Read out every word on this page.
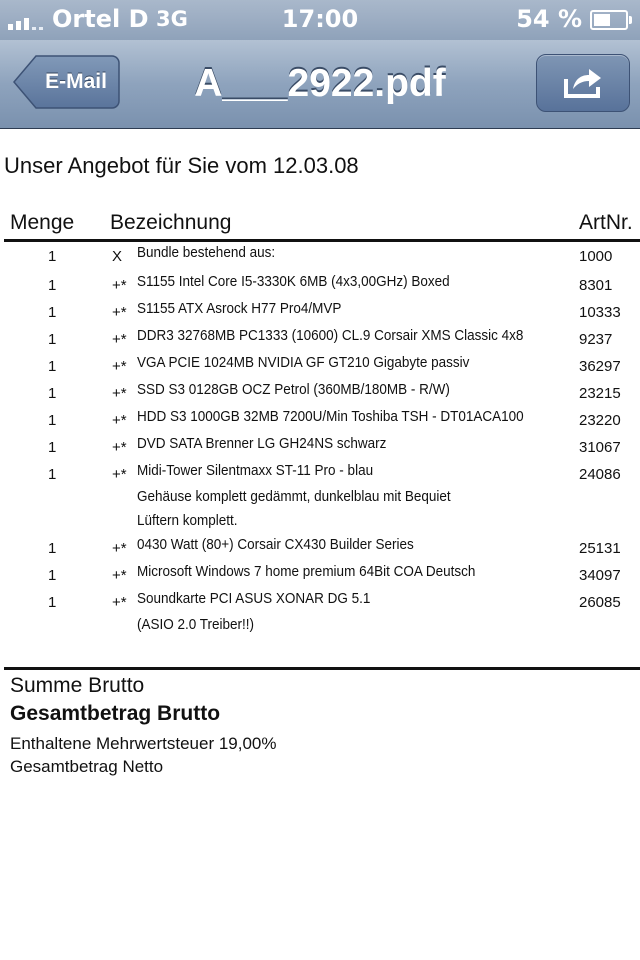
Ortel D 3G	17:00	54 %
E-Mail	A___2922.pdf
Unser Angebot für Sie vom 12.03.08
Menge Bezeichnung	ArtNr.
1	X Bundle bestehend aus:	1000
1	+* S1155 Intel Core I5-3330K 6MB (4x3,00GHz) Boxed	8301
1	+* S1155 ATX Asrock H77 Pro4/MVP	10333
1	+* DDR3 32768MB PC1333 (10600) CL.9 Corsair XMS Classic 4x8	9237
1	+* VGA PCIE 1024MB NVIDIA GF GT210 Gigabyte passiv	36297
1	+* SSD S3 0128GB OCZ Petrol (360MB/180MB - R/W)	23215
1	+* HDD S3 1000GB 32MB 7200U/Min Toshiba TSH - DT01ACA100	23220
1	+* DVD SATA Brenner LG GH24NS schwarz	31067
1	+* Midi-Tower Silentmaxx ST-11 Pro - blau	24086
Gehäuse komplett gedämmt, dunkelblau mit Bequiet
Lüftern komplett.
1	+* 0430 Watt (80+) Corsair CX430 Builder Series	25131
1	+* Microsoft Windows 7 home premium 64Bit COA Deutsch	34097
1	+* Soundkarte PCI ASUS XONAR DG 5.1	26085
(ASIO 2.0 Treiber!!)
Summe Brutto
Gesamtbetrag Brutto
Enthaltene Mehrwertsteuer 19,00%
Gesamtbetrag Netto
